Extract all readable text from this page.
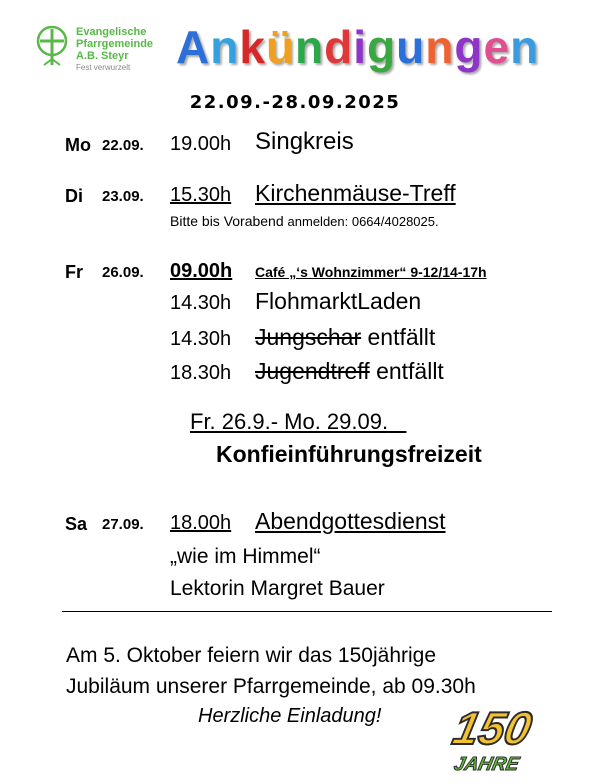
Evangelische
Pfarrgemeinde
A.B. Steyr
Fest verwurzelt Ankündigungen
22.09.-28.09.2025
Mo 22.09. 19.00h Singkreis
Di 23.09. 15.30h Kirchenmäuse-Treff
Bitte bis Vorabend anmelden: 0664/4028025.
Fr 26.09. 09.00h Café „‘s Wohnzimmer“ 9-12/14-17h
14.30h FlohmarktLaden
14.30h Jungschar entfällt
18.30h Jugendtreff entfällt
Fr. 26.9.- Mo. 29.09.
Konfieinführungsfreizeit
Sa 27.09. 18.00h Abendgottesdienst
„wie im Himmel“
Lektorin Margret Bauer
Am 5. Oktober feiern wir das 150jährige
Jubiläum unserer Pfarrgemeinde, ab 09.30h
Herzliche Einladung! 150
JAHRE
